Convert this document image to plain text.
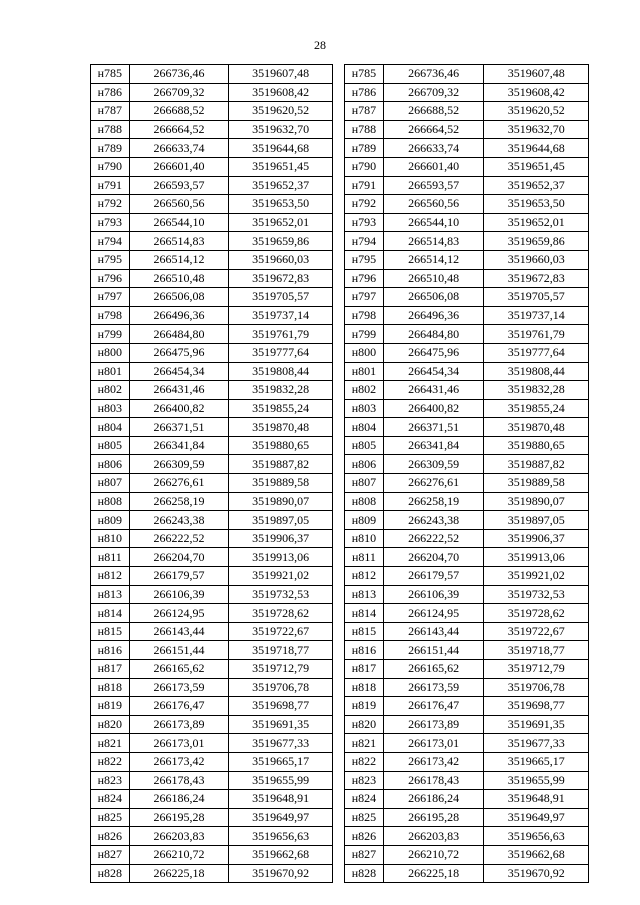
28
н785	266736,46	3519607,48
н786	266709,32	3519608,42
н787	266688,52	3519620,52
н788	266664,52	3519632,70
н789	266633,74	3519644,68
н790	266601,40	3519651,45
н791	266593,57	3519652,37
н792	266560,56	3519653,50
н793	266544,10	3519652,01
н794	266514,83	3519659,86
н795	266514,12	3519660,03
н796	266510,48	3519672,83
н797	266506,08	3519705,57
н798	266496,36	3519737,14
н799	266484,80	3519761,79
н800	266475,96	3519777,64
н801	266454,34	3519808,44
н802	266431,46	3519832,28
н803	266400,82	3519855,24
н804	266371,51	3519870,48
н805	266341,84	3519880,65
н806	266309,59	3519887,82
н807	266276,61	3519889,58
н808	266258,19	3519890,07
н809	266243,38	3519897,05
н810	266222,52	3519906,37
н811	266204,70	3519913,06
н812	266179,57	3519921,02
н813	266106,39	3519732,53
н814	266124,95	3519728,62
н815	266143,44	3519722,67
н816	266151,44	3519718,77
н817	266165,62	3519712,79
н818	266173,59	3519706,78
н819	266176,47	3519698,77
н820	266173,89	3519691,35
н821	266173,01	3519677,33
н822	266173,42	3519665,17
н823	266178,43	3519655,99
н824	266186,24	3519648,91
н825	266195,28	3519649,97
н826	266203,83	3519656,63
н827	266210,72	3519662,68
н828	266225,18	3519670,92
н785	266736,46	3519607,48
н786	266709,32	3519608,42
н787	266688,52	3519620,52
н788	266664,52	3519632,70
н789	266633,74	3519644,68
н790	266601,40	3519651,45
н791	266593,57	3519652,37
н792	266560,56	3519653,50
н793	266544,10	3519652,01
н794	266514,83	3519659,86
н795	266514,12	3519660,03
н796	266510,48	3519672,83
н797	266506,08	3519705,57
н798	266496,36	3519737,14
н799	266484,80	3519761,79
н800	266475,96	3519777,64
н801	266454,34	3519808,44
н802	266431,46	3519832,28
н803	266400,82	3519855,24
н804	266371,51	3519870,48
н805	266341,84	3519880,65
н806	266309,59	3519887,82
н807	266276,61	3519889,58
н808	266258,19	3519890,07
н809	266243,38	3519897,05
н810	266222,52	3519906,37
н811	266204,70	3519913,06
н812	266179,57	3519921,02
н813	266106,39	3519732,53
н814	266124,95	3519728,62
н815	266143,44	3519722,67
н816	266151,44	3519718,77
н817	266165,62	3519712,79
н818	266173,59	3519706,78
н819	266176,47	3519698,77
н820	266173,89	3519691,35
н821	266173,01	3519677,33
н822	266173,42	3519665,17
н823	266178,43	3519655,99
н824	266186,24	3519648,91
н825	266195,28	3519649,97
н826	266203,83	3519656,63
н827	266210,72	3519662,68
н828	266225,18	3519670,92
